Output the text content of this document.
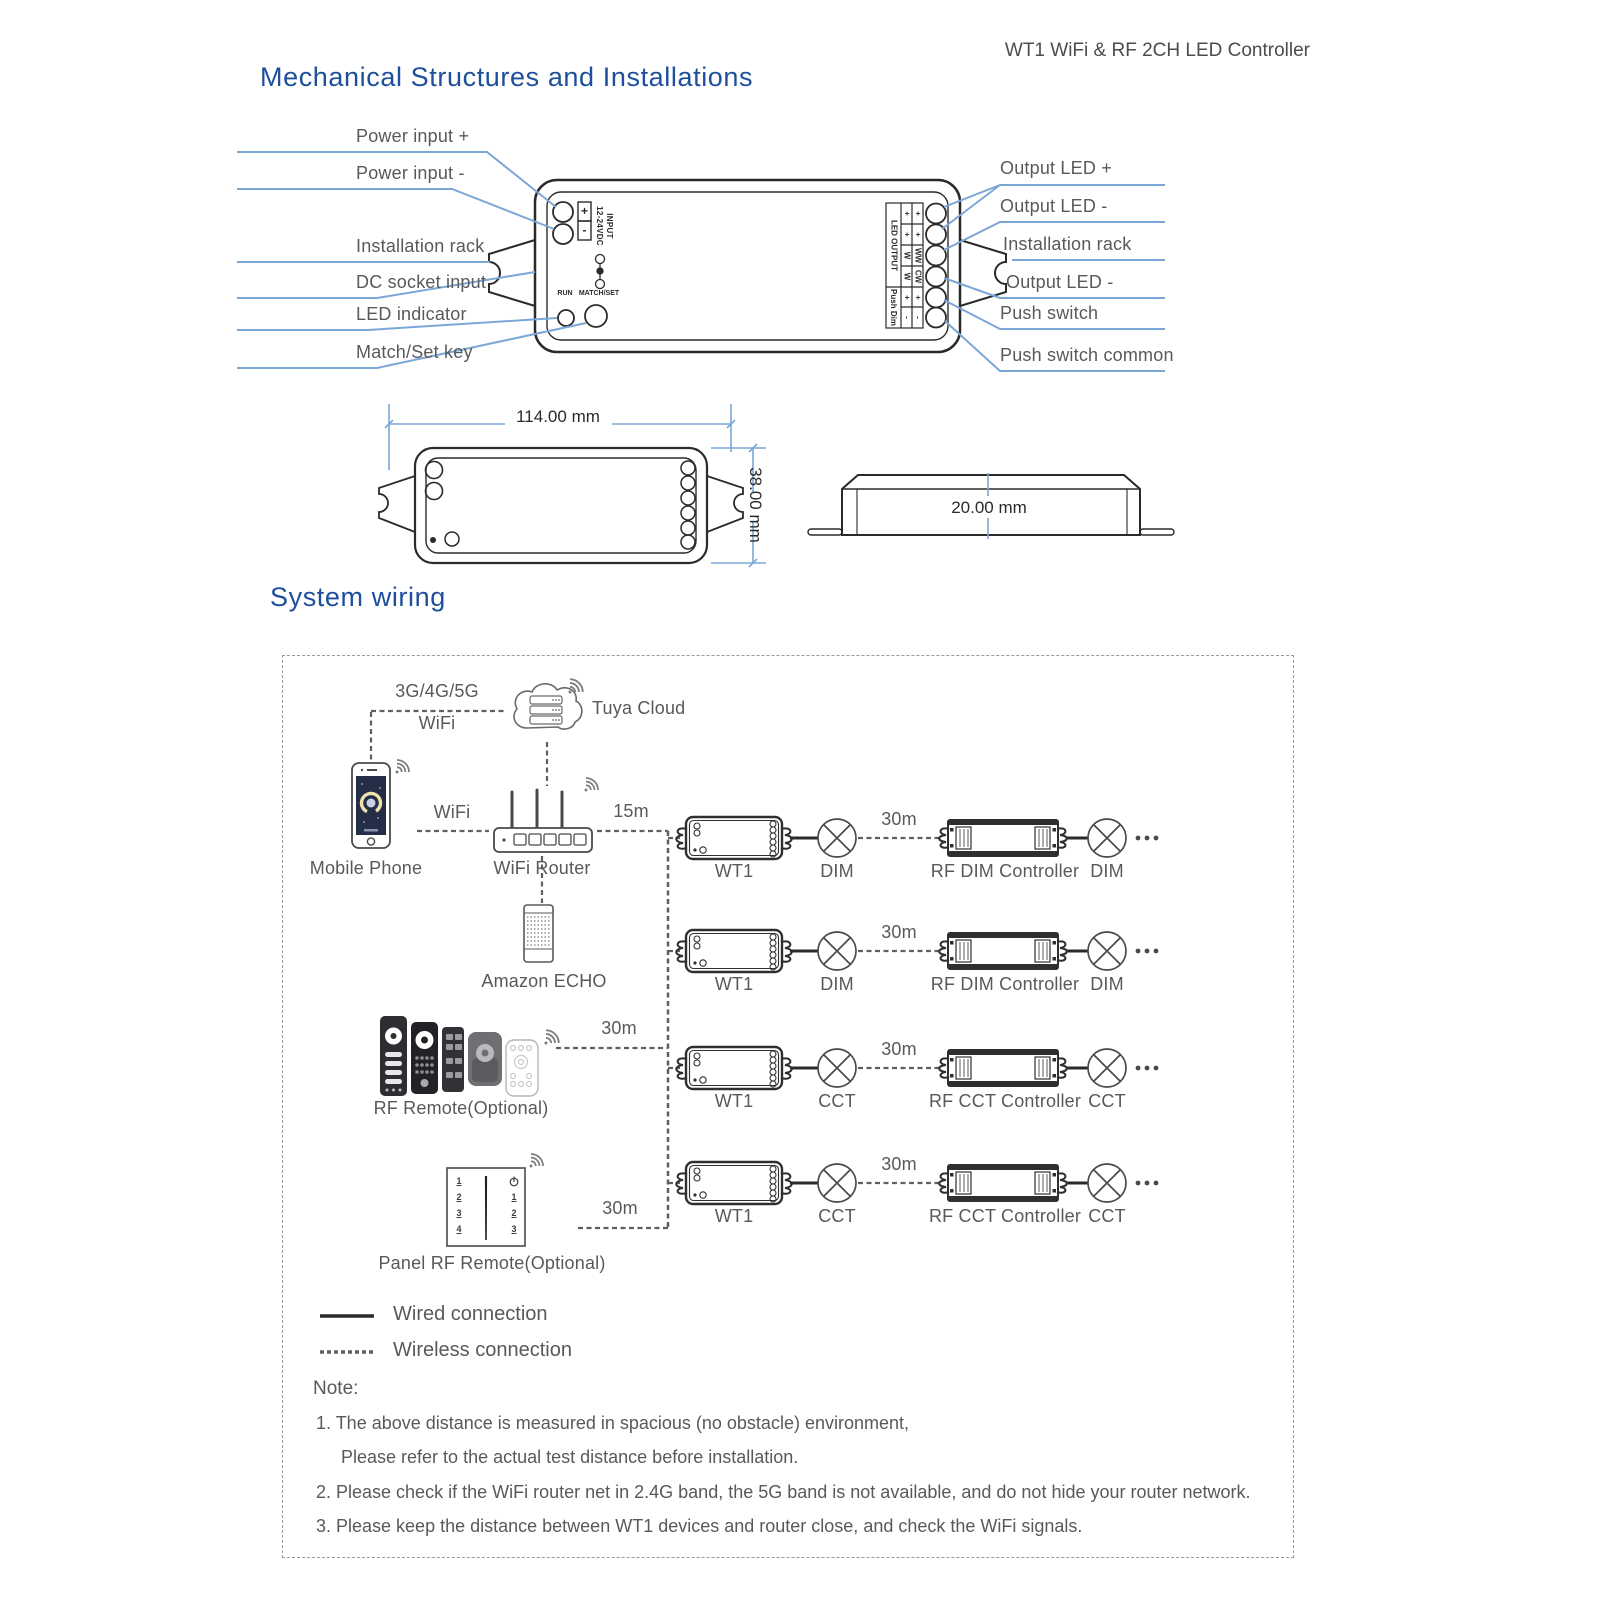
WT1 WiFi & RF 2CH LED Controller
Mechanical Structures and Installations
System wiring
Power input +
Power input -
Installation rack
DC socket input
LED indicator
Match/Set key
Output LED +
Output LED -
Installation rack
Output LED -
Push switch
Push switch common
+
-	INPUT
12-24VDC
RUN MATCH/SET
LED OUTPUT
Push Dim
+ +
+ +
W WW
W CW
+ +
- -
114.00 mm
38.00 mm	20.00 mm
3G/4G/5G
WiFi
Tuya Cloud
WiFi
Mobile Phone	WiFi Router
15m
Amazon ECHO
RF Remote(Optional)
30m
Panel RF Remote(Optional)
30m
WT1	DIM
30m
RF DIM Controller DIM
WT1	DIM
30m
RF DIM Controller DIM
WT1	CCT
30m
RF CCT Controller CCT
WT1	CCT
30m
RF CCT Controller CCT
1
2
3
4
1
2
3
Wired connection
Wireless connection
Note:
1. The above distance is measured in spacious (no obstacle) environment,
Please refer to the actual test distance before installation.
2. Please check if the WiFi router net in 2.4G band, the 5G band is not available, and do not hide your router network.
3. Please keep the distance between WT1 devices and router close, and check the WiFi signals.
